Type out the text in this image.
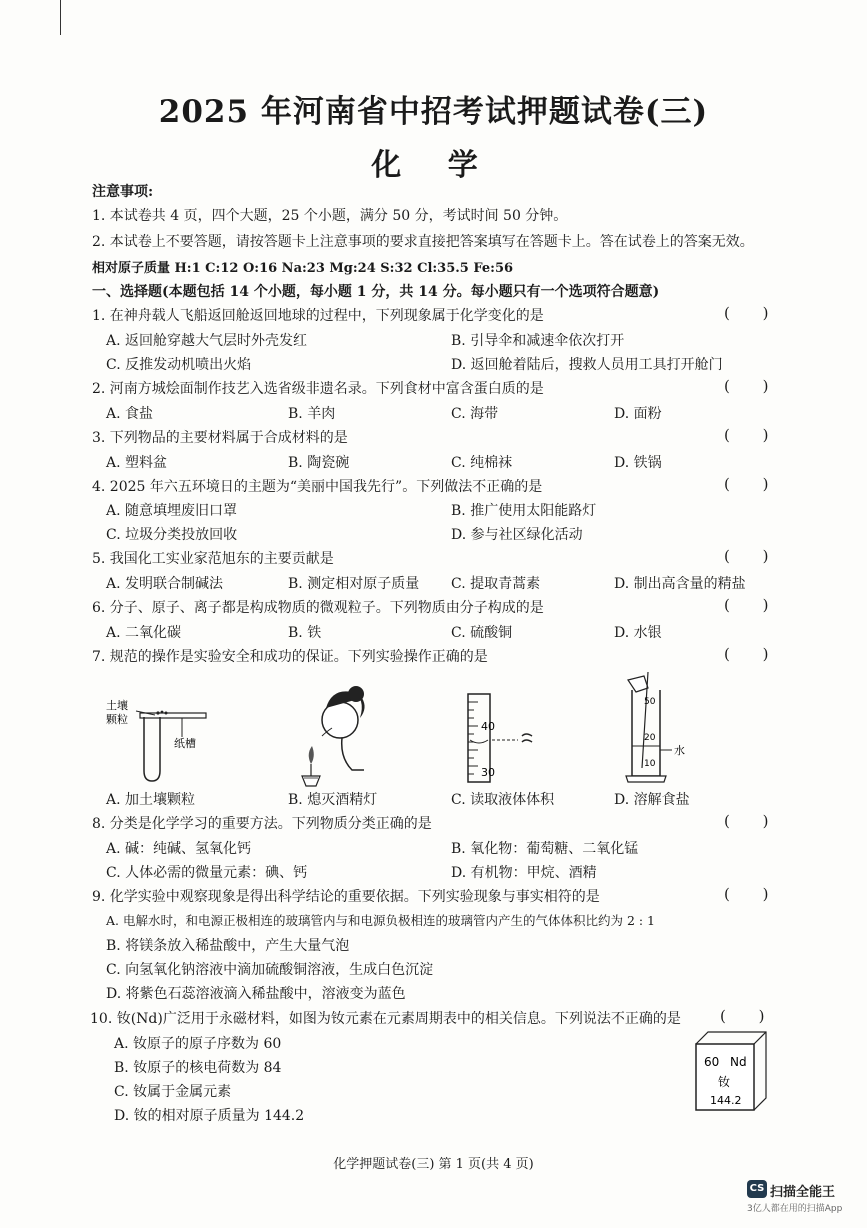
2025 年河南省中招考试押题试卷(三)
化 学
注意事项:
1. 本试卷共 4 页，四个大题，25 个小题，满分 50 分，考试时间 50 分钟。
2. 本试卷上不要答题，请按答题卡上注意事项的要求直接把答案填写在答题卡上。答在试卷上的答案无效。
相对原子质量 H:1 C:12 O:16 Na:23 Mg:24 S:32 Cl:35.5 Fe:56
一、选择题(本题包括 14 个小题，每小题 1 分，共 14 分。每小题只有一个选项符合题意)
1. 在神舟载人飞船返回舱返回地球的过程中，下列现象属于化学变化的是	( )
A. 返回舱穿越大气层时外壳发红	B. 引导伞和减速伞依次打开
C. 反推发动机喷出火焰	D. 返回舱着陆后，搜救人员用工具打开舱门
2. 河南方城烩面制作技艺入选省级非遗名录。下列食材中富含蛋白质的是	( )
A. 食盐	B. 羊肉	C. 海带	D. 面粉
3. 下列物品的主要材料属于合成材料的是	( )
A. 塑料盆	B. 陶瓷碗	C. 纯棉袜	D. 铁锅
4. 2025 年六五环境日的主题为“美丽中国我先行”。下列做法不正确的是	( )
A. 随意填埋废旧口罩	B. 推广使用太阳能路灯
C. 垃圾分类投放回收	D. 参与社区绿化活动
5. 我国化工实业家范旭东的主要贡献是	( )
A. 发明联合制碱法	B. 测定相对原子质量 C. 提取青蒿素	D. 制出高含量的精盐
6. 分子、原子、离子都是构成物质的微观粒子。下列物质由分子构成的是	( )
A. 二氧化碳	B. 铁	C. 硫酸铜	D. 水银
7. 规范的操作是实验安全和成功的保证。下列实验操作正确的是	( )
土壤
颗粒
纸槽
40
30
50
20
10
水
A. 加土壤颗粒	B. 熄灭酒精灯	C. 读取液体体积	D. 溶解食盐
8. 分类是化学学习的重要方法。下列物质分类正确的是	( )
A. 碱：纯碱、氢氧化钙	B. 氧化物：葡萄糖、二氧化锰
C. 人体必需的微量元素：碘、钙	D. 有机物：甲烷、酒精
9. 化学实验中观察现象是得出科学结论的重要依据。下列实验现象与事实相符的是	( )
A. 电解水时，和电源正极相连的玻璃管内与和电源负极相连的玻璃管内产生的气体体积比约为 2 : 1
B. 将镁条放入稀盐酸中，产生大量气泡
C. 向氢氧化钠溶液中滴加硫酸铜溶液，生成白色沉淀
D. 将紫色石蕊溶液滴入稀盐酸中，溶液变为蓝色
10. 钕(Nd)广泛用于永磁材料，如图为钕元素在元素周期表中的相关信息。下列说法不正确的是	( )
A. 钕原子的原子序数为 60
B. 钕原子的核电荷数为 84
C. 钕属于金属元素
D. 钕的相对原子质量为 144.2
60 Nd
钕
144.2
化学押题试卷(三) 第 1 页(共 4 页)
CS 扫描全能王
3亿人都在用的扫描App
